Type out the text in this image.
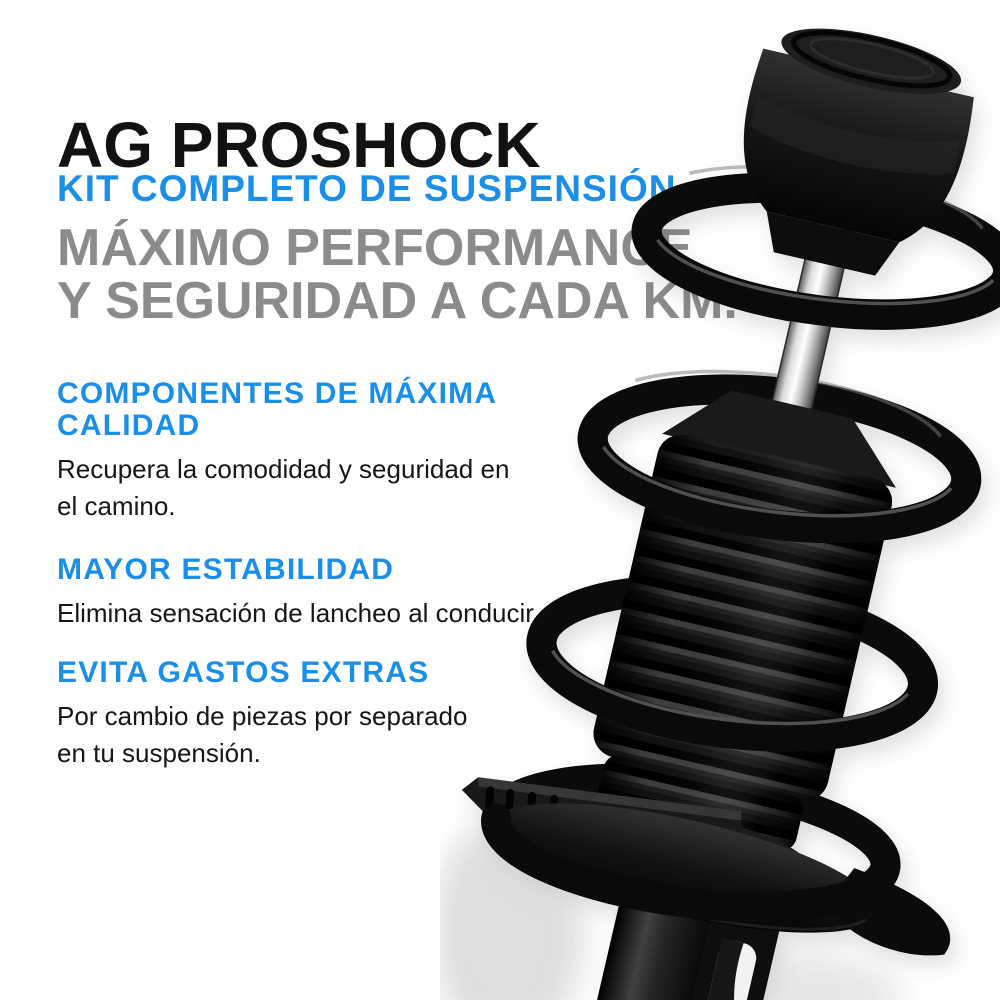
AG PROSHOCK
KIT COMPLETO DE SUSPENSIÓN
MÁXIMO PERFORMANCE
Y SEGURIDAD A CADA KM.
COMPONENTES DE MÁXIMA
CALIDAD
Recupera la comodidad y seguridad en
el camino.
MAYOR ESTABILIDAD
Elimina sensación de lancheo al conducir.
EVITA GASTOS EXTRAS
Por cambio de piezas por separado
en tu suspensión.
